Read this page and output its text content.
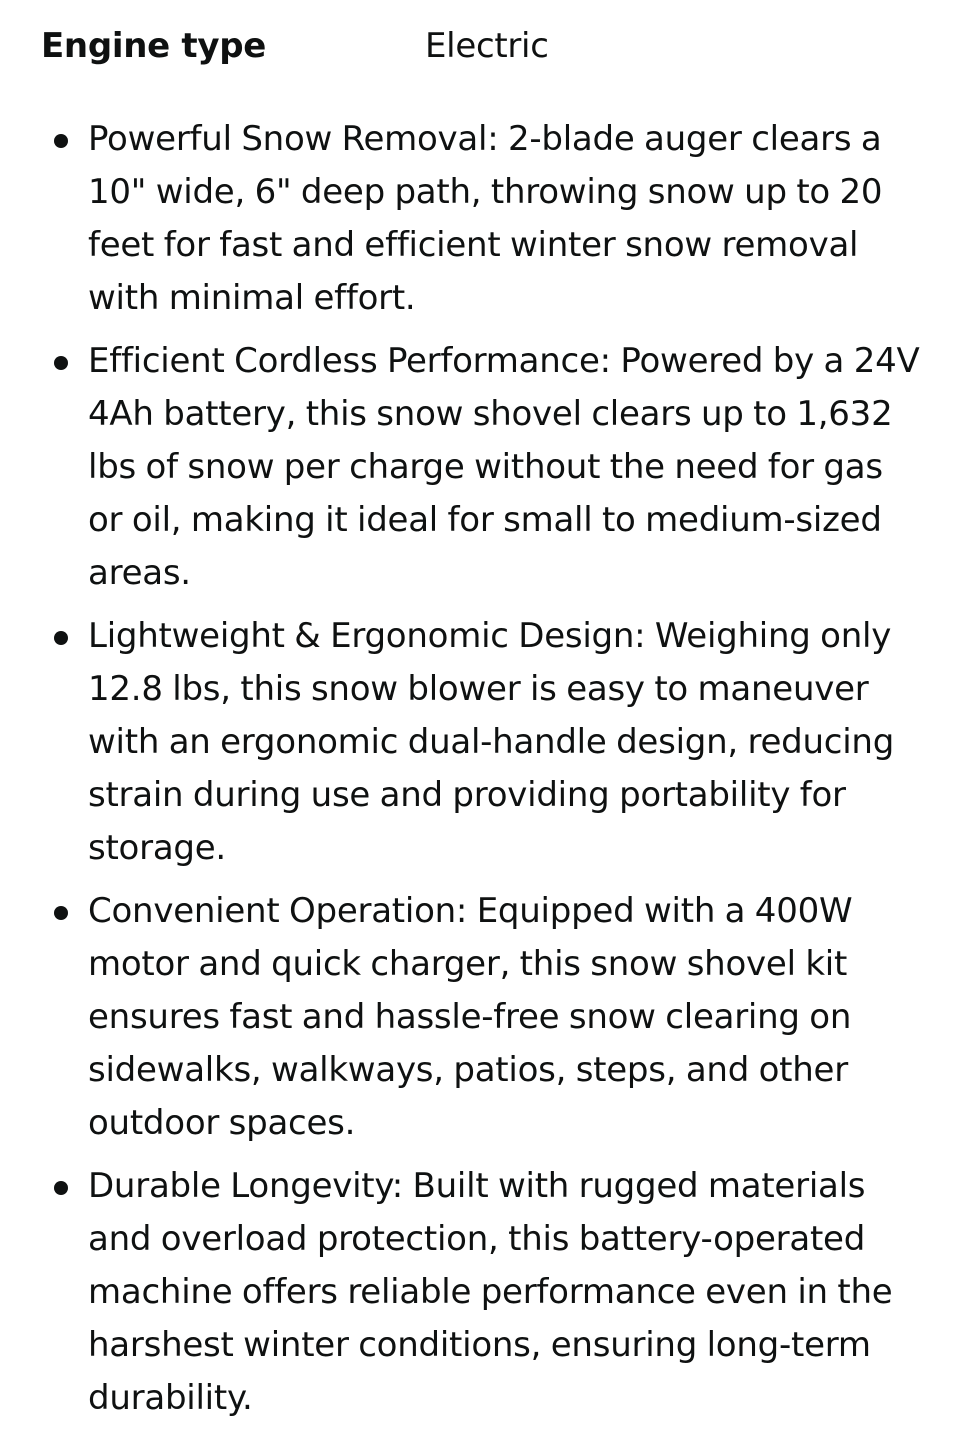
Engine type	Electric
Powerful Snow Removal: 2-blade auger clears a 10" wide, 6" deep path, throwing snow up to 20 feet for fast and efficient winter snow removal with minimal effort.
Efficient Cordless Performance: Powered by a 24V 4Ah battery, this snow shovel clears up to 1,632 lbs of snow per charge without the need for gas or oil, making it ideal for small to medium-sized areas.
Lightweight & Ergonomic Design: Weighing only 12.8 lbs, this snow blower is easy to maneuver with an ergonomic dual-handle design, reducing strain during use and providing portability for storage.
Convenient Operation: Equipped with a 400W motor and quick charger, this snow shovel kit ensures fast and hassle-free snow clearing on sidewalks, walkways, patios, steps, and other outdoor spaces.
Durable Longevity: Built with rugged materials and overload protection, this battery-operated machine offers reliable performance even in the harshest winter conditions, ensuring long-term durability.
